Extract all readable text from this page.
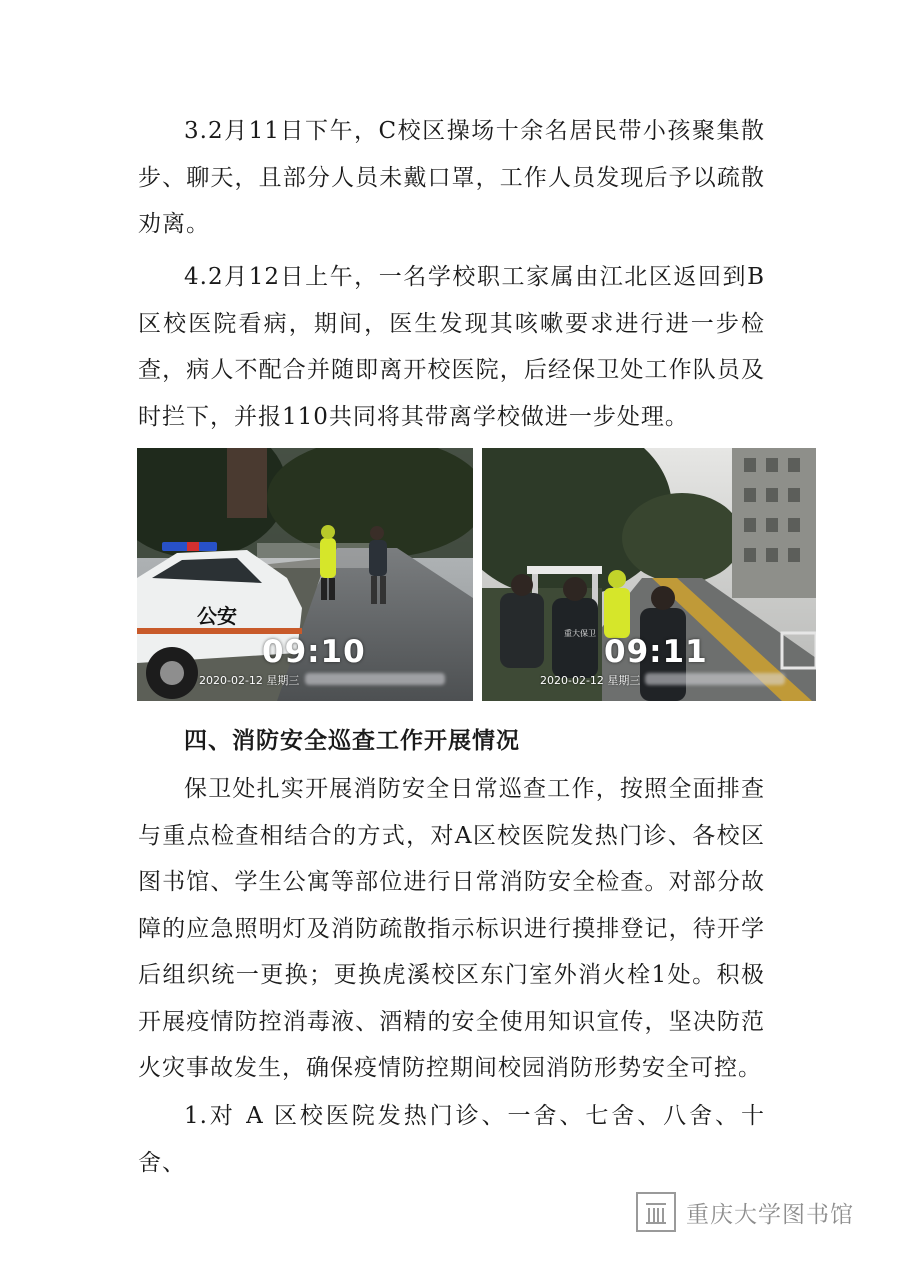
3.2月11日下午，C校区操场十余名居民带小孩聚集散步、聊天，且部分人员未戴口罩，工作人员发现后予以疏散劝离。

4.2月12日上午，一名学校职工家属由江北区返回到B区校医院看病，期间，医生发现其咳嗽要求进行进一步检查，病人不配合并随即离开校医院，后经保卫处工作队员及时拦下，并报110共同将其带离学校做进一步处理。

公安
09:10
2020-02-12 星期三
重大保卫
09:11
2020-02-12 星期三
四、消防安全巡查工作开展情况

保卫处扎实开展消防安全日常巡查工作，按照全面排查与重点检查相结合的方式，对A区校医院发热门诊、各校区图书馆、学生公寓等部位进行日常消防安全检查。对部分故障的应急照明灯及消防疏散指示标识进行摸排登记，待开学后组织统一更换；更换虎溪校区东门室外消火栓1处。积极开展疫情防控消毒液、酒精的安全使用知识宣传，坚决防范火灾事故发生，确保疫情防控期间校园消防形势安全可控。

1.对 A 区校医院发热门诊、一舍、七舍、八舍、十舍、

重庆大学图书馆
